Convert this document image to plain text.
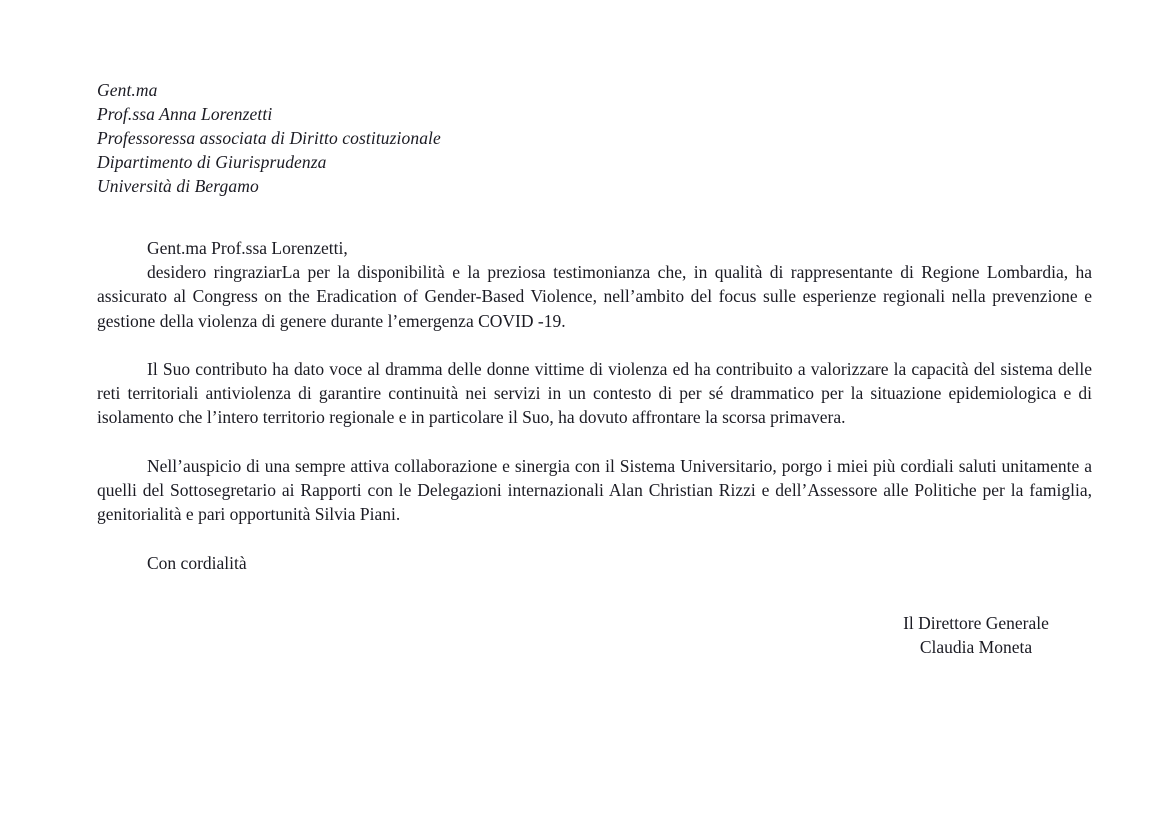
Gent.ma
Prof.ssa Anna Lorenzetti
Professoressa associata di Diritto costituzionale
Dipartimento di Giurisprudenza
Università di Bergamo

Gent.ma Prof.ssa Lorenzetti,

desidero ringraziarLa per la disponibilità e la preziosa testimonianza che, in qualità di rappresentante di Regione Lombardia, ha assicurato al Congress on the Eradication of Gender-Based Violence, nell’ambito del focus sulle esperienze regionali nella prevenzione e gestione della violenza di genere durante l’emergenza COVID -19.

Il Suo contributo ha dato voce al dramma delle donne vittime di violenza ed ha contribuito a valorizzare la capacità del sistema delle reti territoriali antiviolenza di garantire continuità nei servizi in un contesto di per sé drammatico per la situazione epidemiologica e di isolamento che l’intero territorio regionale e in particolare il Suo, ha dovuto affrontare la scorsa primavera.

Nell’auspicio di una sempre attiva collaborazione e sinergia con il Sistema Universitario, porgo i miei più cordiali saluti unitamente a quelli del Sottosegretario ai Rapporti con le Delegazioni internazionali Alan Christian Rizzi e dell’Assessore alle Politiche per la famiglia, genitorialità e pari opportunità Silvia Piani.

Con cordialità

Il Direttore Generale
Claudia Moneta
